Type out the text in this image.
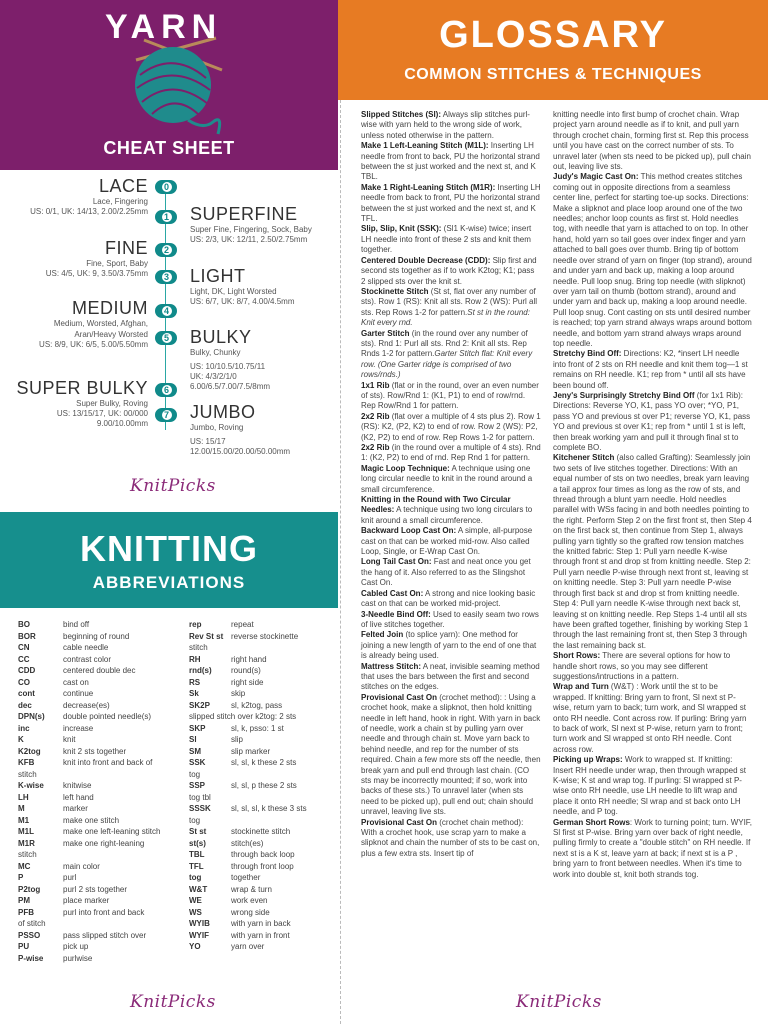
YARN
CHEAT SHEET
0
LACE
Lace, Fingering
US: 0/1, UK: 14/13, 2.00/2.25mm
1	SUPERFINE
Super Fine, Fingering, Sock, Baby
US: 2/3, UK: 12/11, 2.50/2.75mm
2
FINE
Fine, Sport, Baby
US: 4/5, UK: 9, 3.50/3.75mm	3	LIGHT
Light, DK, Light Worsted
US: 6/7, UK: 8/7, 4.00/4.5mm
4
MEDIUM
Medium, Worsted, Afghan,
Aran/Heavy Worsted
US: 8/9, UK: 6/5, 5.00/5.50mm
5	BULKY
Bulky, Chunky
US: 10/10.5/10.75/11
UK: 4/3/2/1/0
6.00/6.5/7.00/7.5/8mm
6
SUPER BULKY
Super Bulky, Roving
US: 13/15/17, UK: 00/000
9.00/10.00mm
7	JUMBO
Jumbo, Roving
US: 15/17
12.00/15.00/20.00/50.00mm
KnitPicks
KNITTING
ABBREVIATIONS
BO	bind off
BOR	beginning of round
CN	cable needle
CC	contrast color
CDD	centered double dec
CO	cast on
cont	continue
dec	decrease(es)
DPN(s) double pointed needle(s)
inc	increase
K	knit
K2tog	knit 2 sts together
KFB	knit into front and back of
stitch
K-wise knitwise
LH	left hand
M	marker
M1	make one stitch
M1L	make one left-leaning stitch
M1R	make one right-leaning
stitch
MC	main color
P	purl
P2tog	purl 2 sts together
PM	place marker
PFB	purl into front and back
of stitch
PSSO	pass slipped stitch over
PU	pick up
P-wise purlwise
rep	repeat
Rev St st reverse stockinette
stitch
RH	right hand
rnd(s) round(s)
RS	right side
Sk	skip
SK2P	sl, k2tog, pass
slipped stitch over k2tog: 2 sts
SKP	sl, k, psso: 1 st
Sl	slip
SM	slip marker
SSK	sl, sl, k these 2 sts
tog
SSP	sl, sl, p these 2 sts
tog tbl
SSSK	sl, sl, sl, k these 3 sts
tog
St st	stockinette stitch
st(s)	stitch(es)
TBL	through back loop
TFL	through front loop
tog	together
W&T	wrap & turn
WE	work even
WS	wrong side
WYIB	with yarn in back
WYIF	with yarn in front
YO	yarn over
KnitPicks
GLOSSARY
COMMON STITCHES & TECHNIQUES

Slipped Stitches (Sl): Always slip stitches purl-wise with yarn held to the wrong side of work, unless noted otherwise in the pattern.

Make 1 Left-Leaning Stitch (M1L): Inserting LH needle from front to back, PU the horizontal strand between the st just worked and the next st, and K TBL.

Make 1 Right-Leaning Stitch (M1R): Inserting LH needle from back to front, PU the horizontal strand between the st just worked and the next st, and K TFL.

Slip, Slip, Knit (SSK): (Sl1 K-wise) twice; insert LH needle into front of these 2 sts and knit them together.

Centered Double Decrease (CDD): Slip first and second sts together as if to work K2tog; K1; pass 2 slipped sts over the knit st.

Stockinette Stitch (St st, flat over any number of sts). Row 1 (RS): Knit all sts. Row 2 (WS): Purl all sts. Rep Rows 1-2 for pattern.St st in the round: Knit every rnd.

Garter Stitch (in the round over any number of sts). Rnd 1: Purl all sts. Rnd 2: Knit all sts. Rep Rnds 1-2 for pattern.Garter Stitch flat: Knit every row. (One Garter ridge is comprised of two rows/rnds.)

1x1 Rib (flat or in the round, over an even number of sts). Row/Rnd 1: (K1, P1) to end of row/rnd. Rep Row/Rnd 1 for pattern.

2x2 Rib (flat over a multiple of 4 sts plus 2). Row 1 (RS): K2, (P2, K2) to end of row. Row 2 (WS): P2, (K2, P2) to end of row. Rep Rows 1-2 for pattern.

2x2 Rib (in the round over a multiple of 4 sts). Rnd 1: (K2, P2) to end of rnd. Rep Rnd 1 for pattern.

Magic Loop Technique: A technique using one long circular needle to knit in the round around a small circumference.

Knitting in the Round with Two Circular Needles: A technique using two long circulars to knit around a small circumference.

Backward Loop Cast On: A simple, all-purpose cast on that can be worked mid-row. Also called Loop, Single, or E-Wrap Cast On.

Long Tail Cast On: Fast and neat once you get the hang of it. Also referred to as the Slingshot Cast On.

Cabled Cast On: A strong and nice looking basic cast on that can be worked mid-project.

3-Needle Bind Off: Used to easily seam two rows of live stitches together.

Felted Join (to splice yarn): One method for joining a new length of yarn to the end of one that is already being used.

Mattress Stitch: A neat, invisible seaming method that uses the bars between the first and second stitches on the edges.

Provisional Cast On (crochet method): : Using a crochet hook, make a slipknot, then hold knitting needle in left hand, hook in right. With yarn in back of needle, work a chain st by pulling yarn over needle and through chain st. Move yarn back to behind needle, and rep for the number of sts required. Chain a few more sts off the needle, then break yarn and pull end through last chain. (CO sts may be incorrectly mounted; if so, work into backs of these sts.) To unravel later (when sts need to be picked up), pull end out; chain should unravel, leaving live sts.

Provisional Cast On (crochet chain method): With a crochet hook, use scrap yarn to make a slipknot and chain the number of sts to be cast on, plus a few extra sts. Insert tip of

knitting needle into first bump of crochet chain. Wrap project yarn around needle as if to knit, and pull yarn through crochet chain, forming first st. Rep this process until you have cast on the correct number of sts. To unravel later (when sts need to be picked up), pull chain out, leaving live sts.

Judy's Magic Cast On: This method creates stitches coming out in opposite directions from a seamless center line, perfect for starting toe-up socks. Directions: Make a slipknot and place loop around one of the two needles; anchor loop counts as first st. Hold needles tog, with needle that yarn is attached to on top. In other hand, hold yarn so tail goes over index finger and yarn attached to ball goes over thumb. Bring tip of bottom needle over strand of yarn on finger (top strand), around and under yarn and back up, making a loop around needle. Pull loop snug. Bring top needle (with slipknot) over yarn tail on thumb (bottom strand), around and under yarn and back up, making a loop around needle. Pull loop snug. Cont casting on sts until desired number is reached; top yarn strand always wraps around bottom needle, and bottom yarn strand always wraps around top needle.

Stretchy Bind Off: Directions: K2, *insert LH needle into front of 2 sts on RH needle and knit them tog—1 st remains on RH needle. K1; rep from * until all sts have been bound off.

Jeny's Surprisingly Stretchy Bind Off (for 1x1 Rib): Directions: Reverse YO, K1, pass YO over; *YO, P1, pass YO and previous st over P1; reverse YO, K1, pass YO and previous st over K1; rep from * until 1 st is left, then break working yarn and pull it through final st to complete BO.

Kitchener Stitch (also called Grafting): Seamlessly join two sets of live stitches together. Directions: With an equal number of sts on two needles, break yarn leaving a tail approx four times as long as the row of sts, and thread through a blunt yarn needle. Hold needles parallel with WSs facing in and both needles pointing to the right. Perform Step 2 on the first front st, then Step 4 on the first back st, then continue from Step 1, always pulling yarn tightly so the grafted row tension matches the knitted fabric: Step 1: Pull yarn needle K-wise through front st and drop st from knitting needle. Step 2: Pull yarn needle P-wise through next front st, leaving st on knitting needle. Step 3: Pull yarn needle P-wise through first back st and drop st from knitting needle. Step 4: Pull yarn needle K-wise through next back st, leaving st on knitting needle. Rep Steps 1-4 until all sts have been grafted together, finishing by working Step 1 through the last remaining front st, then Step 3 through the last remaining back st.

Short Rows: There are several options for how to handle short rows, so you may see different suggestions/intructions in a pattern.

Wrap and Turn (W&T) : Work until the st to be wrapped. If knitting: Bring yarn to front, Sl next st P-wise, return yarn to back; turn work, and Sl wrapped st onto RH needle. Cont across row. If purling: Bring yarn to back of work, Sl next st P-wise, return yarn to front; turn work and Sl wrapped st onto RH needle. Cont across row.

Picking up Wraps: Work to wrapped st. If knitting: Insert RH needle under wrap, then through wrapped st K-wise; K st and wrap tog. If purling: Sl wrapped st P-wise onto RH needle, use LH needle to lift wrap and place it onto RH needle; Sl wrap and st back onto LH needle, and P tog.

German Short Rows: Work to turning point; turn. WYIF, Sl first st P-wise. Bring yarn over back of right needle, pulling firmly to create a "double stitch" on RH needle. If next st is a K st, leave yarn at back; if next st is a P , bring yarn to front between needles. When it's time to work into double st, knit both strands tog.

KnitPicks
